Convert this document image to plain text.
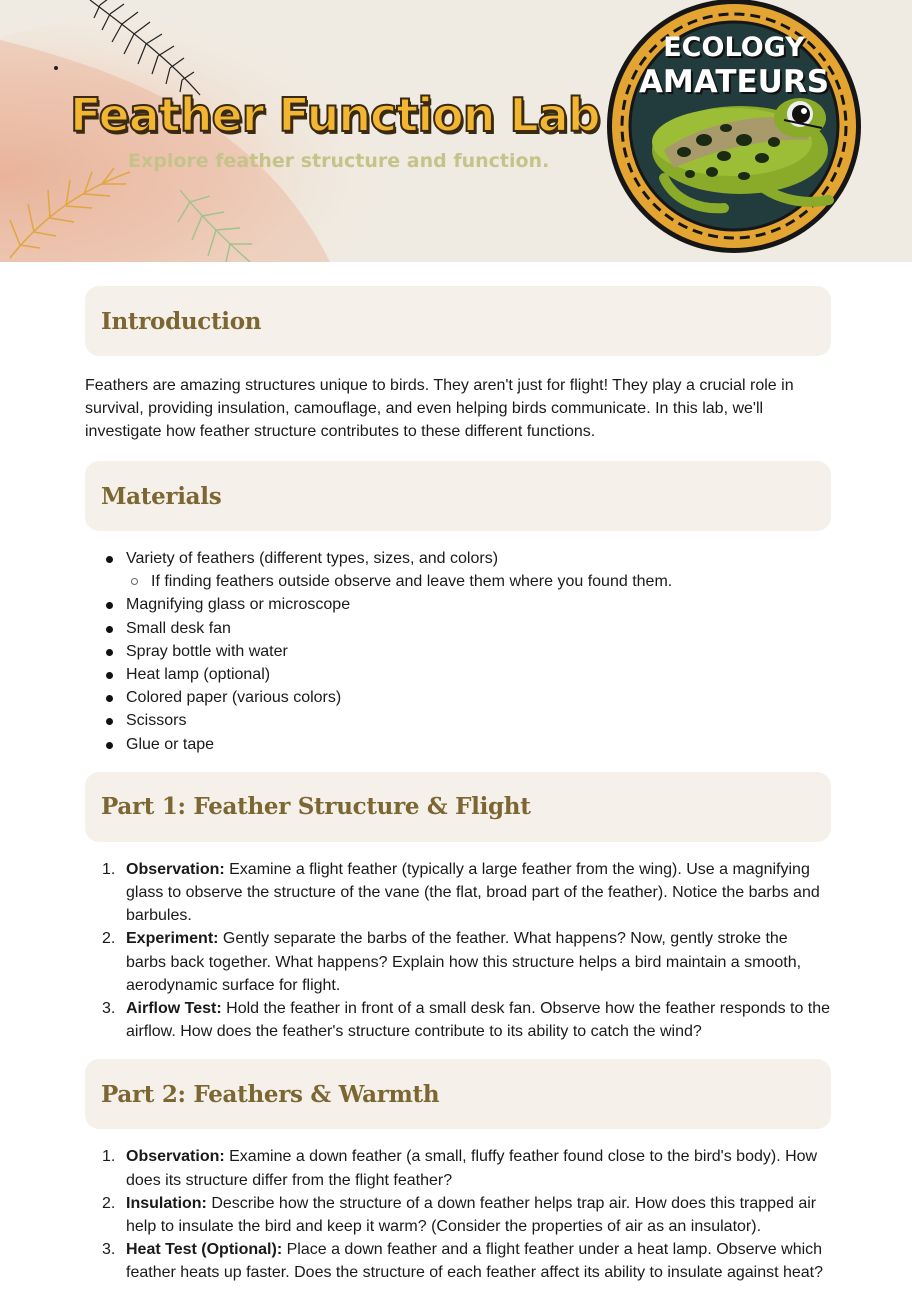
Feather Function Lab
Explore feather structure and function.
ECOLOGY
AMATEURS
Introduction

Feathers are amazing structures unique to birds. They aren't just for flight! They play a crucial role in survival, providing insulation, camouflage, and even helping birds communicate. In this lab, we'll investigate how feather structure contributes to these different functions.

Materials
Variety of feathers (different types, sizes, and colors)
If finding feathers outside observe and leave them where you found them.
Magnifying glass or microscope
Small desk fan
Spray bottle with water
Heat lamp (optional)
Colored paper (various colors)
Scissors
Glue or tape
Part 1: Feather Structure & Flight
1. Observation: Examine a flight feather (typically a large feather from the wing). Use a magnifying glass to observe the structure of the vane (the flat, broad part of the feather). Notice the barbs and barbules.
2. Experiment: Gently separate the barbs of the feather. What happens? Now, gently stroke the barbs back together. What happens? Explain how this structure helps a bird maintain a smooth, aerodynamic surface for flight.
3. Airflow Test: Hold the feather in front of a small desk fan. Observe how the feather responds to the airflow. How does the feather's structure contribute to its ability to catch the wind?
Part 2: Feathers & Warmth
1. Observation: Examine a down feather (a small, fluffy feather found close to the bird's body). How does its structure differ from the flight feather?
2. Insulation: Describe how the structure of a down feather helps trap air. How does this trapped air help to insulate the bird and keep it warm? (Consider the properties of air as an insulator).
3. Heat Test (Optional): Place a down feather and a flight feather under a heat lamp. Observe which feather heats up faster. Does the structure of each feather affect its ability to insulate against heat?
